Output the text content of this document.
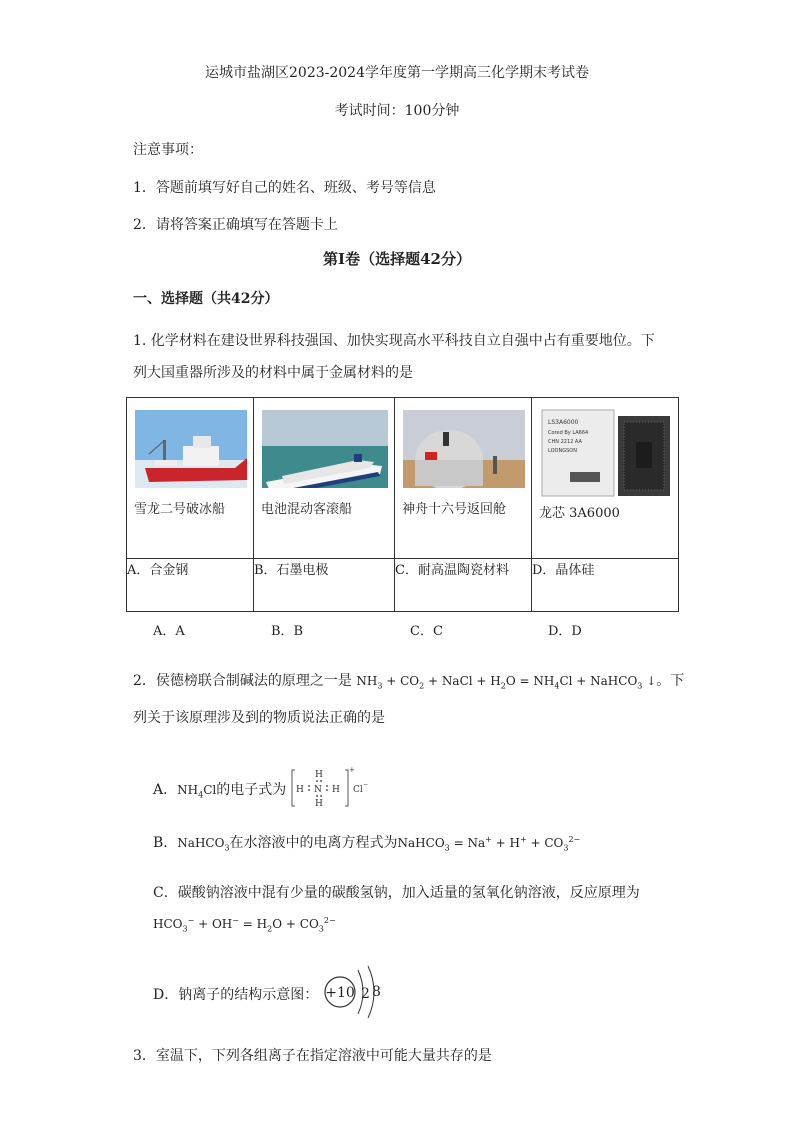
运城市盐湖区2023-2024学年度第一学期高三化学期末考试卷
考试时间：100分钟
注意事项：
1．答题前填写好自己的姓名、班级、考号等信息
2．请将答案正确填写在答题卡上
第I卷（选择题42分）
一、选择题（共42分）
1. 化学材料在建设世界科技强国、加快实现高水平科技自立自强中占有重要地位。下
列大国重器所涉及的材料中属于金属材料的是
雪龙二号破冰船	电池混动客滚船	神舟十六号返回舱	LS3A6000
Cored By LA664
CHN 2212 AA
LOONGSON
龙芯 3A6000

A．合金钢	B．石墨电极	C．耐高温陶瓷材料	D．晶体硅
A．A	B．B	C．C	D．D
2．侯德榜联合制碱法的原理之一是 $NH_3 + CO_2$ + NaCl + $H_2O = NH_4Cl$ + NaHCO$_3$ ↓。下
列关于该原理涉及到的物质说法正确的是
A．$NH_4Cl$的电子式为 H
H
N
H
H
+
Cl
−
B．NaHCO$_3$在水溶液中的电离方程式为NaHCO$_3$ = $Na^+ + H^+ + CO_3^{2-}$
C．碳酸钠溶液中混有少量的碳酸氢钠，加入适量的氢氧化钠溶液，反应原理为
$HCO_3^- + OH^- = H_2O + CO_3^{2-}$
D．钠离子的结构示意图： +10 2 8
3．室温下，下列各组离子在指定溶液中可能大量共存的是
